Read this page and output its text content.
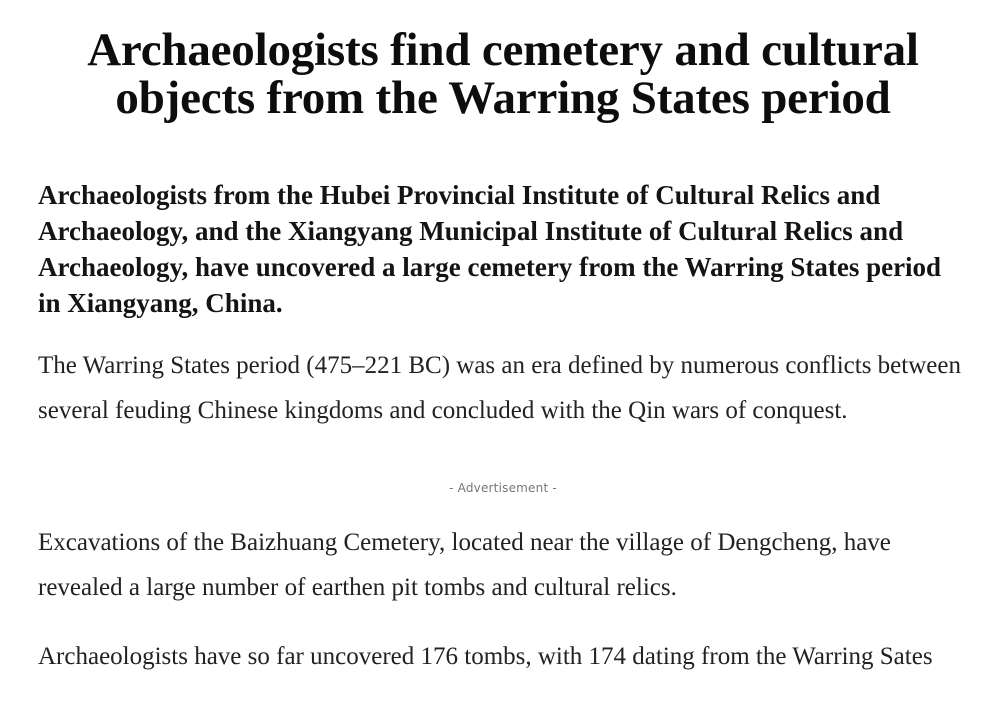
Archaeologists find cemetery and cultural objects from the Warring States period

Archaeologists from the Hubei Provincial Institute of Cultural Relics and Archaeology, and the Xiangyang Municipal Institute of Cultural Relics and Archaeology, have uncovered a large cemetery from the Warring States period in Xiangyang, China.

The Warring States period (475–221 BC) was an era defined by numerous conflicts between several feuding Chinese kingdoms and concluded with the Qin wars of conquest.

- Advertisement -

Excavations of the Baizhuang Cemetery, located near the village of Dengcheng, have revealed a large number of earthen pit tombs and cultural relics.

Archaeologists have so far uncovered 176 tombs, with 174 dating from the Warring Sates
